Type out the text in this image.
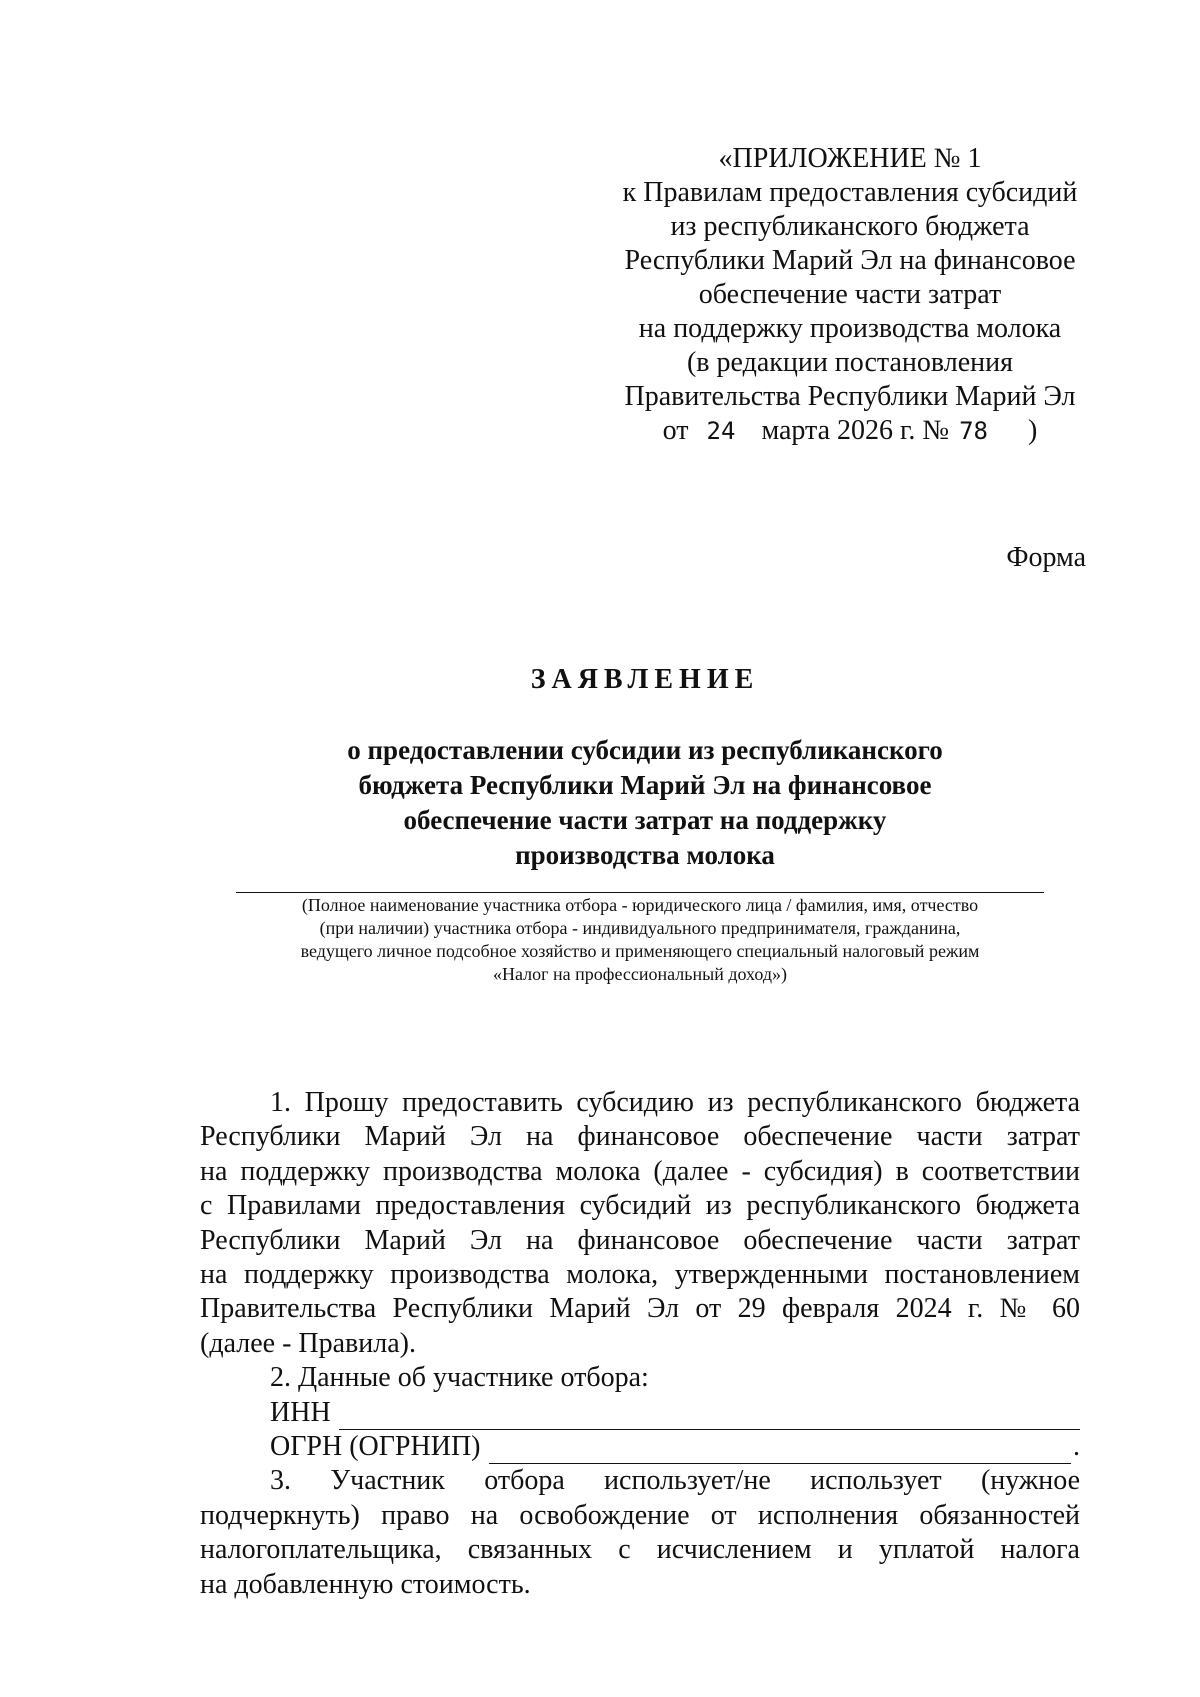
«ПРИЛОЖЕНИЕ № 1
к Правилам предоставления субсидий
из республиканского бюджета
Республики Марий Эл на финансовое
обеспечение части затрат
на поддержку производства молока
(в редакции постановления
Правительства Республики Марий Эл
от 24 марта 2026 г. № 78 )
Форма
ЗАЯВЛЕНИЕ
о предоставлении субсидии из республиканского
бюджета Республики Марий Эл на финансовое
обеспечение части затрат на поддержку
производства молока
(Полное наименование участника отбора - юридического лица / фамилия, имя, отчество
(при наличии) участника отбора - индивидуального предпринимателя, гражданина,
ведущего личное подсобное хозяйство и применяющего специальный налоговый режим
«Налог на профессиональный доход»)
1. Прошу предоставить субсидию из республиканского бюджета
Республики Марий Эл на финансовое обеспечение части затрат
на поддержку производства молока (далее - субсидия) в соответствии
с Правилами предоставления субсидий из республиканского бюджета
Республики Марий Эл на финансовое обеспечение части затрат
на поддержку производства молока, утвержденными постановлением
Правительства Республики Марий Эл от 29 февраля 2024 г. № 60
(далее - Правила).
2. Данные об участнике отбора:
ИНН
ОГРН (ОГРНИП)	.
3. Участник отбора использует/не использует (нужное
подчеркнуть) право на освобождение от исполнения обязанностей
налогоплательщика, связанных с исчислением и уплатой налога
на добавленную стоимость.
